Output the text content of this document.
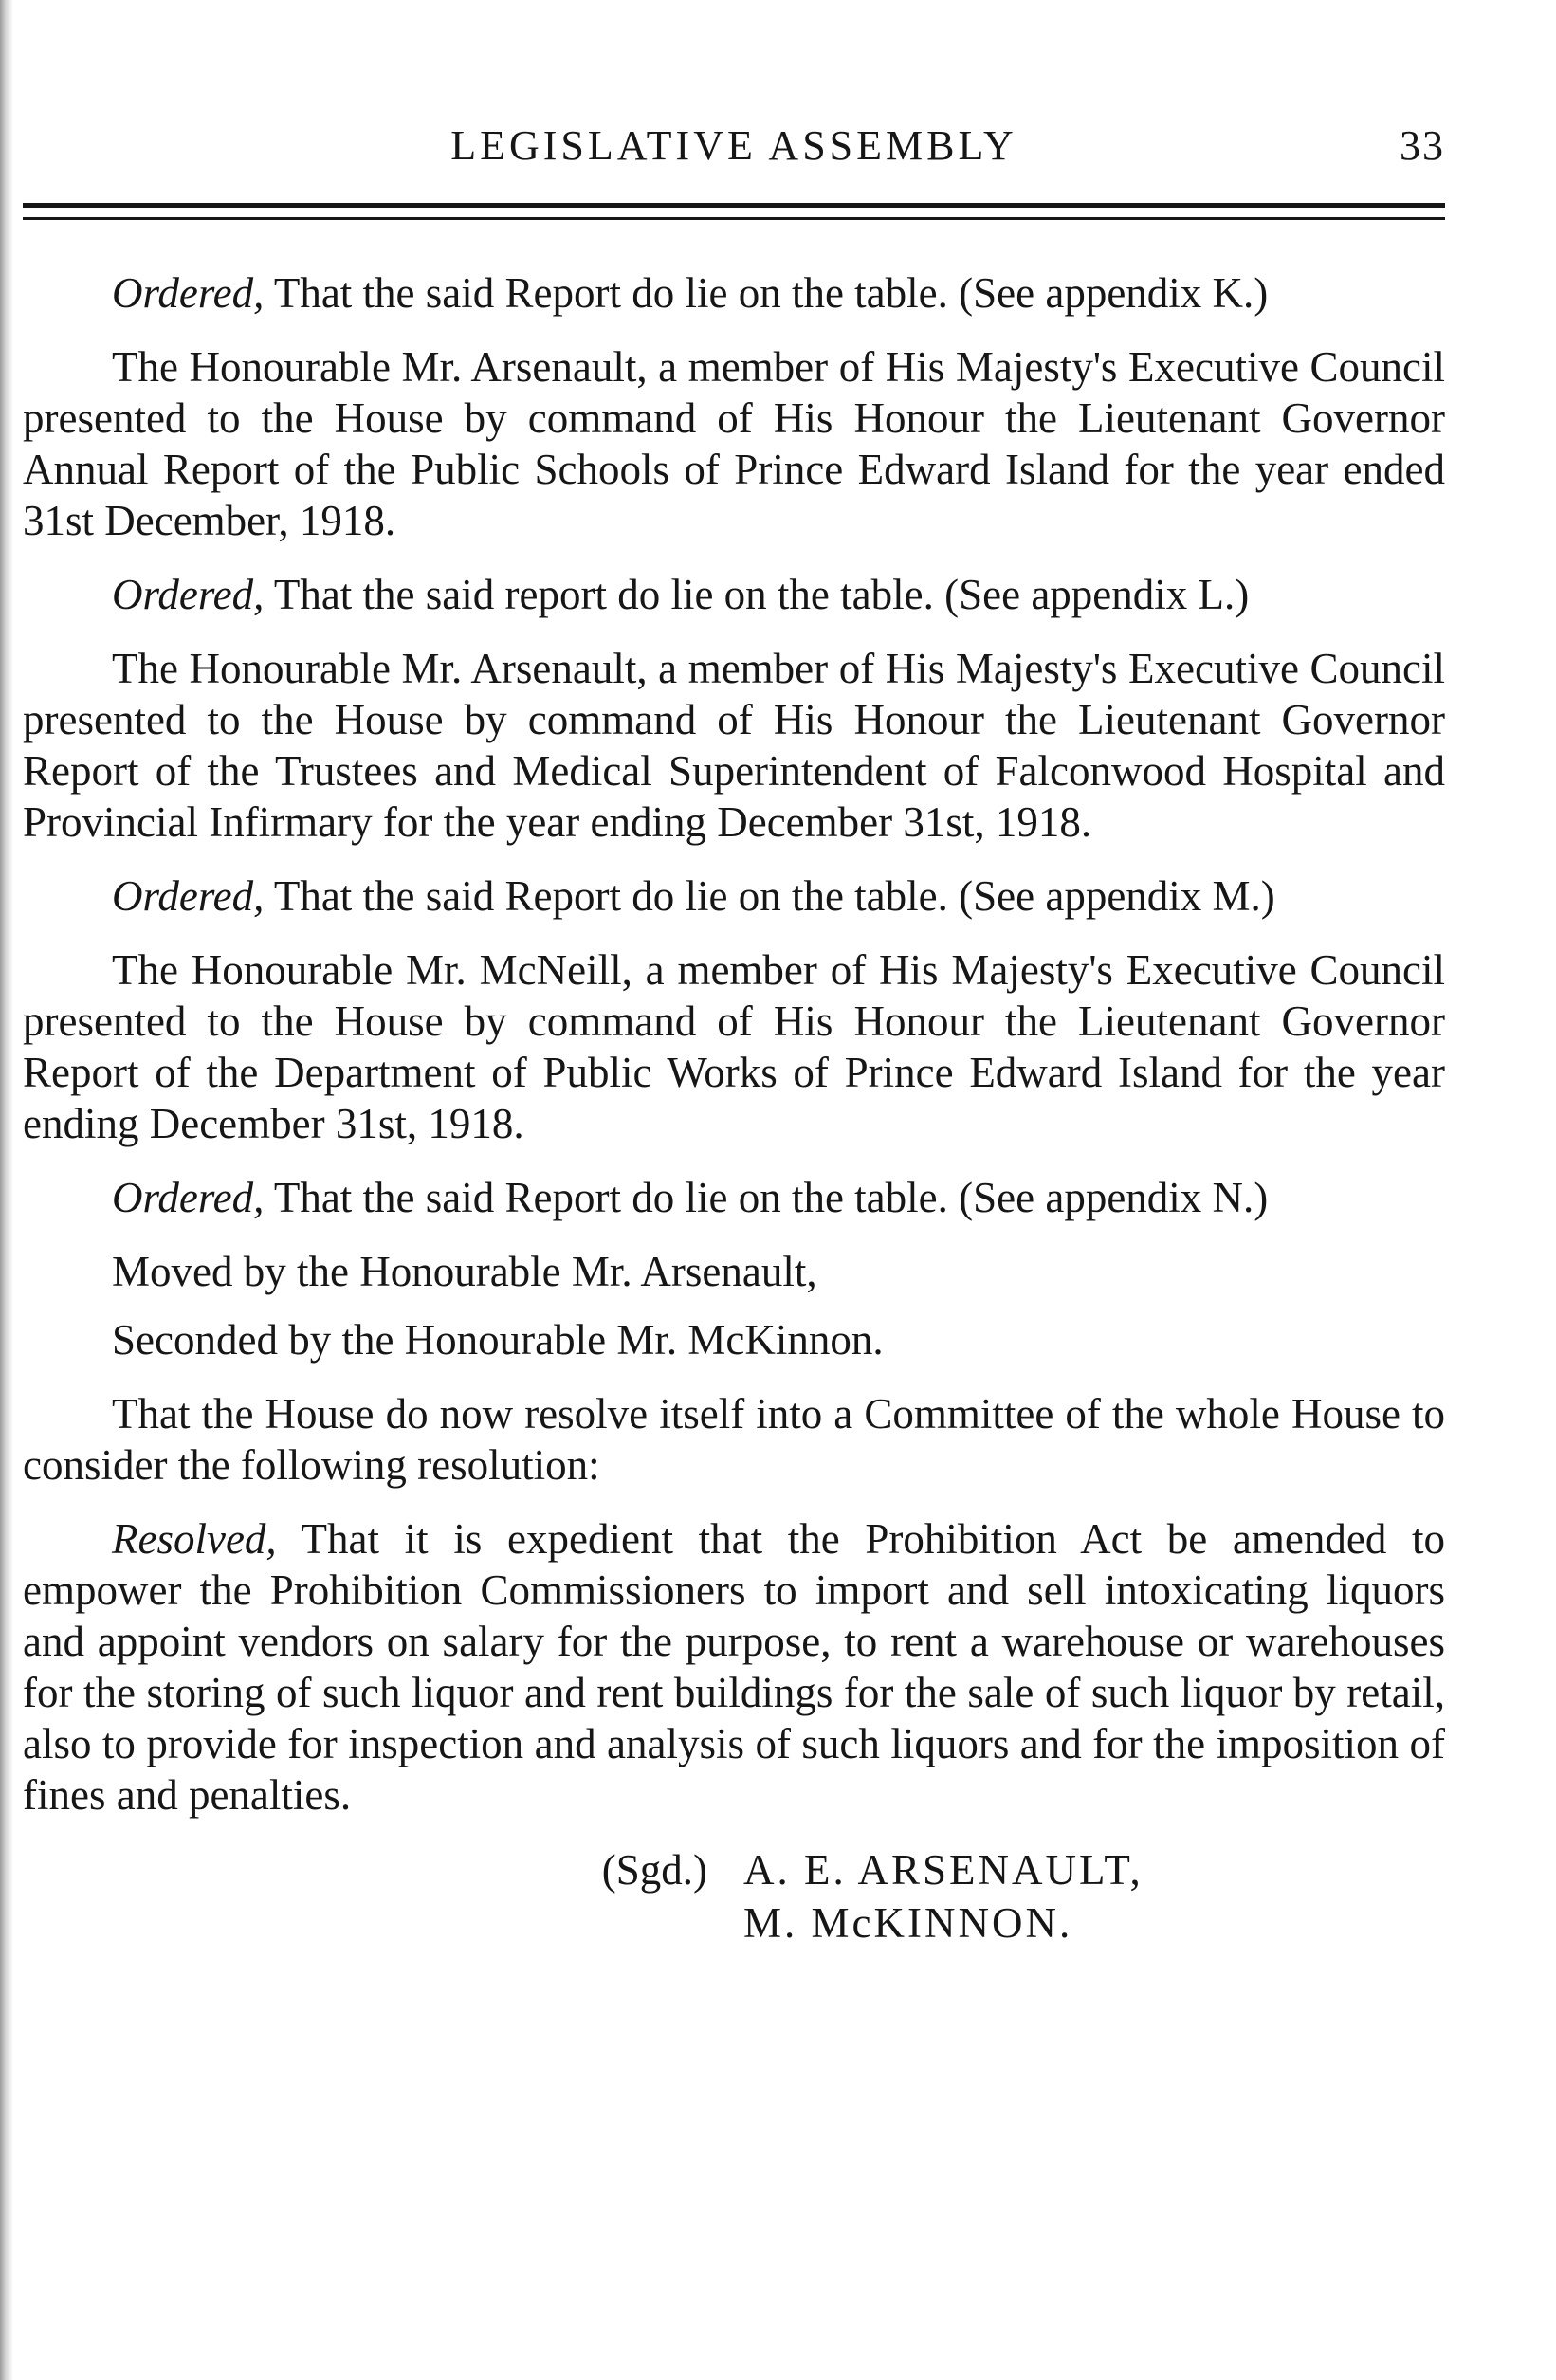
LEGISLATIVE ASSEMBLY	33

Ordered, That the said Report do lie on the table. (See appendix K.)

The Honourable Mr. Arsenault, a member of His Majesty's Executive Council presented to the House by command of His Honour the Lieutenant Governor Annual Report of the Public Schools of Prince Edward Island for the year ended 31st December, 1918.

Ordered, That the said report do lie on the table. (See appendix L.)

The Honourable Mr. Arsenault, a member of His Majesty's Executive Council presented to the House by command of His Honour the Lieutenant Governor Report of the Trustees and Medical Superintendent of Falconwood Hospital and Provincial Infirmary for the year ending December 31st, 1918.

Ordered, That the said Report do lie on the table. (See appendix M.)

The Honourable Mr. McNeill, a member of His Majesty's Executive Council presented to the House by command of His Honour the Lieutenant Governor Report of the Department of Public Works of Prince Edward Island for the year ending December 31st, 1918.

Ordered, That the said Report do lie on the table. (See appendix N.)

Moved by the Honourable Mr. Arsenault,

Seconded by the Honourable Mr. McKinnon.

That the House do now resolve itself into a Committee of the whole House to consider the following resolution:

Resolved, That it is expedient that the Prohibition Act be amended to empower the Prohibition Commissioners to import and sell intoxicating liquors and appoint vendors on salary for the purpose, to rent a warehouse or warehouses for the storing of such liquor and rent buildings for the sale of such liquor by retail, also to provide for inspection and analysis of such liquors and for the imposition of fines and penalties.

(Sgd.) A. E. ARSENAULT,
M. McKINNON.
